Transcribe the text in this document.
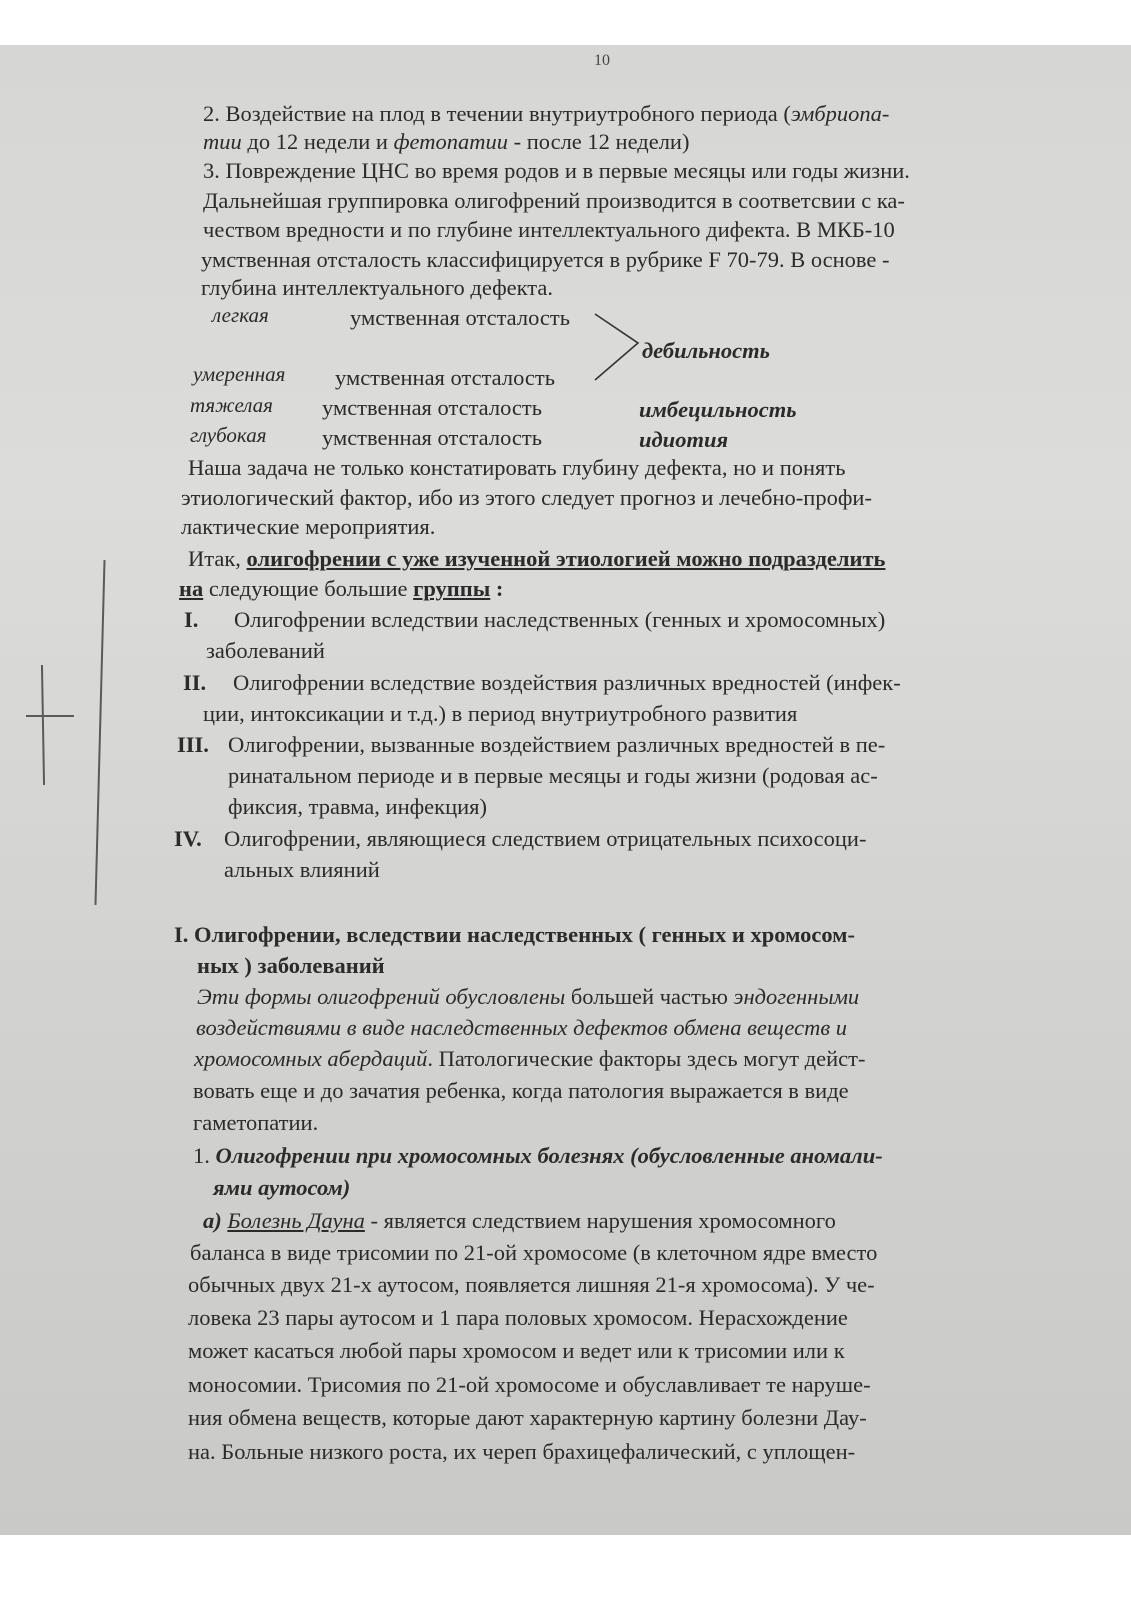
10
2. Воздействие на плод в течении внутриутробного периода (эмбриопа-
тии до 12 недели и фетопатии - после 12 недели)
3. Повреждение ЦНС во время родов и в первые месяцы или годы жизни.
Дальнейшая группировка олигофрений производится в соответсвии с ка-
чеством вредности и по глубине интеллектуального дифекта. В МКБ-10
умственная отсталость классифицируется в рубрике F 70-79. В основе -
глубина интеллектуального дефекта.
легкая	умственная отсталость
дебильность
умеренная умственная отсталость
тяжелая умственная отсталость	имбецильность
глубокая умственная отсталость	идиотия
Наша задача не только констатировать глубину дефекта, но и понять
этиологический фактор, ибо из этого следует прогноз и лечебно-профи-
лактические мероприятия.
Итак, олигофрении с уже изученной этиологией можно подразделить
на следующие большие группы :
I. Олигофрении вследствии наследственных (генных и хромосомных)
заболеваний
II. Олигофрении вследствие воздействия различных вредностей (инфек-
ции, интоксикации и т.д.) в период внутриутробного развития
III. Олигофрении, вызванные воздействием различных вредностей в пе-
ринатальном периоде и в первые месяцы и годы жизни (родовая ас-
фиксия, травма, инфекция)
IV. Олигофрении, являющиеся следствием отрицательных психосоци-
альных влияний
I. Олигофрении, вследствии наследственных ( генных и хромосом-
ных ) заболеваний
Эти формы олигофрений обусловлены большей частью эндогенными
воздействиями в виде наследственных дефектов обмена веществ и
хромосомных абердаций. Патологические факторы здесь могут дейст-
вовать еще и до зачатия ребенка, когда патология выражается в виде
гаметопатии.
1. Олигофрении при хромосомных болезнях (обусловленные аномали-
ями аутосом)
а) Болезнь Дауна - является следствием нарушения хромосомного
баланса в виде трисомии по 21-ой хромосоме (в клеточном ядре вместо
обычных двух 21-х аутосом, появляется лишняя 21-я хромосома). У че-
ловека 23 пары аутосом и 1 пара половых хромосом. Нерасхождение
может касаться любой пары хромосом и ведет или к трисомии или к
моносомии. Трисомия по 21-ой хромосоме и обуславливает те наруше-
ния обмена веществ, которые дают характерную картину болезни Дау-
на. Больные низкого роста, их череп брахицефалический, с уплощен-
